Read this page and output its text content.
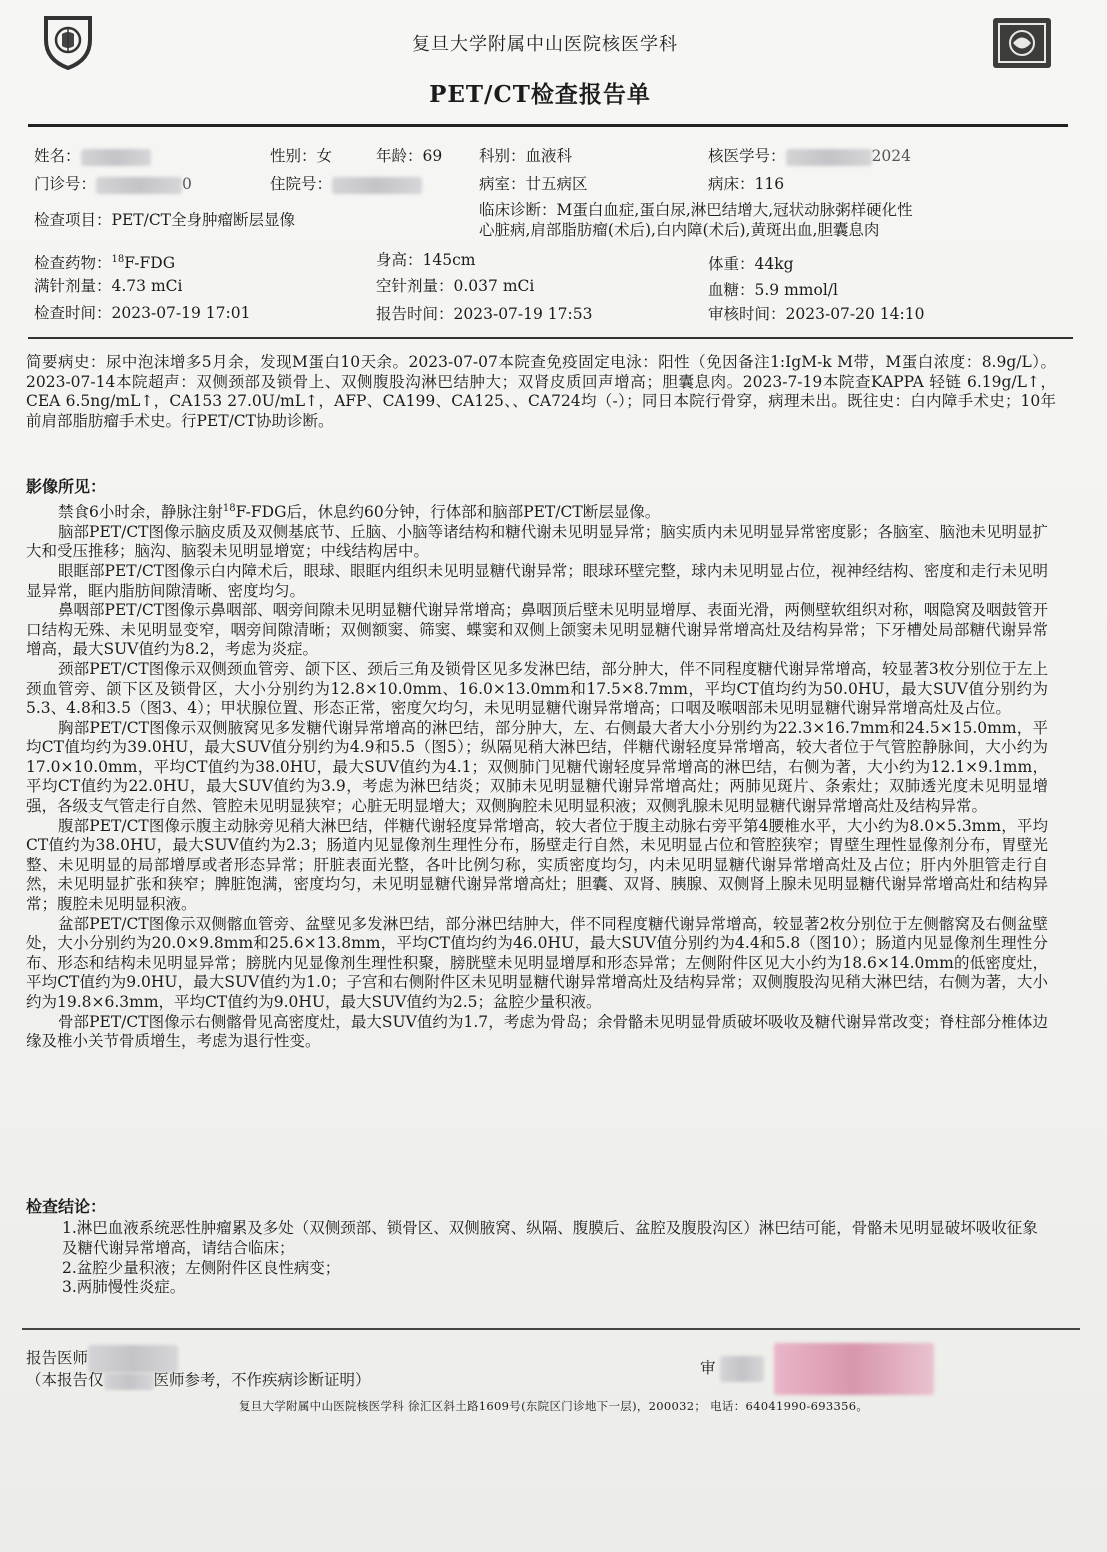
复旦大学附属中山医院核医学科
PET/CT检查报告单
姓名：	性别：女	年龄：69 科别：血液科	核医学号：	2024
门诊号：	0	住院号：	病室：廿五病区	病床：116
检查项目：PET/CT全身肿瘤断层显像
临床诊断：M蛋白血症,蛋白尿,淋巴结增大,冠状动脉粥样硬化性
心脏病,肩部脂肪瘤(术后),白内障(术后),黄斑出血,胆囊息肉
检查药物：$^{18}$F-FDG	身高：145cm	体重：44kg
满针剂量：4.73 mCi	空针剂量：0.037 mCi	血糖：5.9 mmol/l
检查时间：2023-07-19 17:01	报告时间：2023-07-19 17:53	审核时间：2023-07-20 14:10

简要病史：尿中泡沫增多5月余，发现M蛋白10天余。2023-07-07本院查免疫固定电泳：阳性（免因备注1:IgM-k M带，M蛋白浓度：8.9g/L）。2023-07-14本院超声：双侧颈部及锁骨上、双侧腹股沟淋巴结肿大；双肾皮质回声增高；胆囊息肉。2023-7-19本院查KAPPA 轻链 6.19g/L↑，CEA 6.5ng/mL↑，CA153 27.0U/mL↑，AFP、CA199、CA125、、CA724均（-）；同日本院行骨穿，病理未出。既往史：白内障手术史；10年前肩部脂肪瘤手术史。行PET/CT协助诊断。

影像所见：

禁食6小时余，静脉注射$^{18}$F-FDG后，休息约60分钟，行体部和脑部PET/CT断层显像。

脑部PET/CT图像示脑皮质及双侧基底节、丘脑、小脑等诸结构和糖代谢未见明显异常；脑实质内未见明显异常密度影；各脑室、脑池未见明显扩大和受压推移；脑沟、脑裂未见明显增宽；中线结构居中。

眼眶部PET/CT图像示白内障术后，眼球、眼眶内组织未见明显糖代谢异常；眼球环壁完整，球内未见明显占位，视神经结构、密度和走行未见明显异常，眶内脂肪间隙清晰、密度均匀。

鼻咽部PET/CT图像示鼻咽部、咽旁间隙未见明显糖代谢异常增高；鼻咽顶后壁未见明显增厚、表面光滑，两侧壁软组织对称，咽隐窝及咽鼓管开口结构无殊、未见明显变窄，咽旁间隙清晰；双侧额窦、筛窦、蝶窦和双侧上颌窦未见明显糖代谢异常增高灶及结构异常；下牙槽处局部糖代谢异常增高，最大SUV值约为8.2，考虑为炎症。

颈部PET/CT图像示双侧颈血管旁、颌下区、颈后三角及锁骨区见多发淋巴结，部分肿大，伴不同程度糖代谢异常增高，较显著3枚分别位于左上颈血管旁、颌下区及锁骨区，大小分别约为12.8×10.0mm、16.0×13.0mm和17.5×8.7mm，平均CT值均约为50.0HU，最大SUV值分别约为5.3、4.8和3.5（图3、4）；甲状腺位置、形态正常，密度欠均匀，未见明显糖代谢异常增高；口咽及喉咽部未见明显糖代谢异常增高灶及占位。

胸部PET/CT图像示双侧腋窝见多发糖代谢异常增高的淋巴结，部分肿大，左、右侧最大者大小分别约为22.3×16.7mm和24.5×15.0mm，平均CT值均约为39.0HU，最大SUV值分别约为4.9和5.5（图5）；纵隔见稍大淋巴结，伴糖代谢轻度异常增高，较大者位于气管腔静脉间，大小约为17.0×10.0mm，平均CT值约为38.0HU，最大SUV值约为4.1；双侧肺门见糖代谢轻度异常增高的淋巴结，右侧为著，大小约为12.1×9.1mm，平均CT值约为22.0HU，最大SUV值约为3.9，考虑为淋巴结炎；双肺未见明显糖代谢异常增高灶；两肺见斑片、条索灶；双肺透光度未见明显增强，各级支气管走行自然、管腔未见明显狭窄；心脏无明显增大；双侧胸腔未见明显积液；双侧乳腺未见明显糖代谢异常增高灶及结构异常。

腹部PET/CT图像示腹主动脉旁见稍大淋巴结，伴糖代谢轻度异常增高，较大者位于腹主动脉右旁平第4腰椎水平，大小约为8.0×5.3mm，平均CT值约为38.0HU，最大SUV值约为2.3；肠道内见显像剂生理性分布，肠壁走行自然，未见明显占位和管腔狭窄；胃壁生理性显像剂分布，胃壁光整、未见明显的局部增厚或者形态异常；肝脏表面光整，各叶比例匀称，实质密度均匀，内未见明显糖代谢异常增高灶及占位；肝内外胆管走行自然，未见明显扩张和狭窄；脾脏饱满，密度均匀，未见明显糖代谢异常增高灶；胆囊、双肾、胰腺、双侧肾上腺未见明显糖代谢异常增高灶和结构异常；腹腔未见明显积液。

盆部PET/CT图像示双侧髂血管旁、盆壁见多发淋巴结，部分淋巴结肿大，伴不同程度糖代谢异常增高，较显著2枚分别位于左侧髂窝及右侧盆壁处，大小分别约为20.0×9.8mm和25.6×13.8mm，平均CT值均约为46.0HU，最大SUV值分别约为4.4和5.8（图10）；肠道内见显像剂生理性分布、形态和结构未见明显异常；膀胱内见显像剂生理性积聚，膀胱壁未见明显增厚和形态异常；左侧附件区见大小约为18.6×14.0mm的低密度灶，平均CT值约为9.0HU，最大SUV值约为1.0；子宫和右侧附件区未见明显糖代谢异常增高灶及结构异常；双侧腹股沟见稍大淋巴结，右侧为著，大小约为19.8×6.3mm，平均CT值约为9.0HU，最大SUV值约为2.5；盆腔少量积液。

骨部PET/CT图像示右侧髂骨见高密度灶，最大SUV值约为1.7，考虑为骨岛；余骨骼未见明显骨质破坏吸收及糖代谢异常改变；脊柱部分椎体边缘及椎小关节骨质增生，考虑为退行性变。

检查结论：

1.淋巴血液系统恶性肿瘤累及多处（双侧颈部、锁骨区、双侧腋窝、纵隔、腹膜后、盆腔及腹股沟区）淋巴结可能，骨骼未见明显破坏吸收征象及糖代谢异常增高，请结合临床；

2.盆腔少量积液；左侧附件区良性病变；

3.两肺慢性炎症。

报告医师
审
（本报告仅	医师参考，不作疾病诊断证明）
复旦大学附属中山医院核医学科 徐汇区斜土路1609号(东院区门诊地下一层)，200032； 电话：64041990-693356。
